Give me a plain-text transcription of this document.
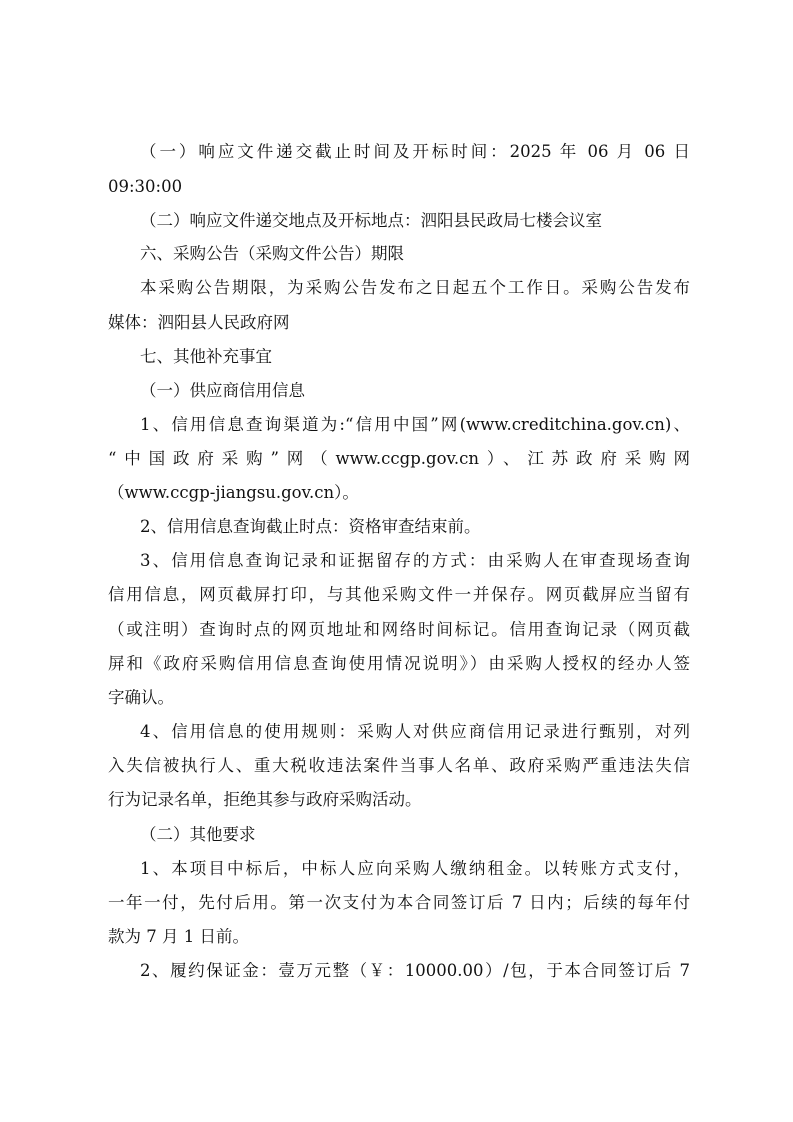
（一）响应文件递交截止时间及开标时间：2025 年 06 月 06 日
09:30:00
（二）响应文件递交地点及开标地点：泗阳县民政局七楼会议室
六、采购公告（采购文件公告）期限
本采购公告期限，为采购公告发布之日起五个工作日。采购公告发布
媒体：泗阳县人民政府网
七、其他补充事宜
（一）供应商信用信息
1、信用信息查询渠道为:“信用中国”网(www.creditchina.gov.cn)、
“中国政府采购”网（www.ccgp.gov.cn）、江苏政府采购网
（www.ccgp-jiangsu.gov.cn）。
2、信用信息查询截止时点：资格审查结束前。
3、信用信息查询记录和证据留存的方式：由采购人在审查现场查询
信用信息，网页截屏打印，与其他采购文件一并保存。网页截屏应当留有
（或注明）查询时点的网页地址和网络时间标记。信用查询记录（网页截
屏和《政府采购信用信息查询使用情况说明》）由采购人授权的经办人签
字确认。
4、信用信息的使用规则：采购人对供应商信用记录进行甄别，对列
入失信被执行人、重大税收违法案件当事人名单、政府采购严重违法失信
行为记录名单，拒绝其参与政府采购活动。
（二）其他要求
1、本项目中标后，中标人应向采购人缴纳租金。以转账方式支付，
一年一付，先付后用。第一次支付为本合同签订后 7 日内；后续的每年付
款为 7 月 1 日前。
2、履约保证金：壹万元整（￥：10000.00）/包，于本合同签订后 7
